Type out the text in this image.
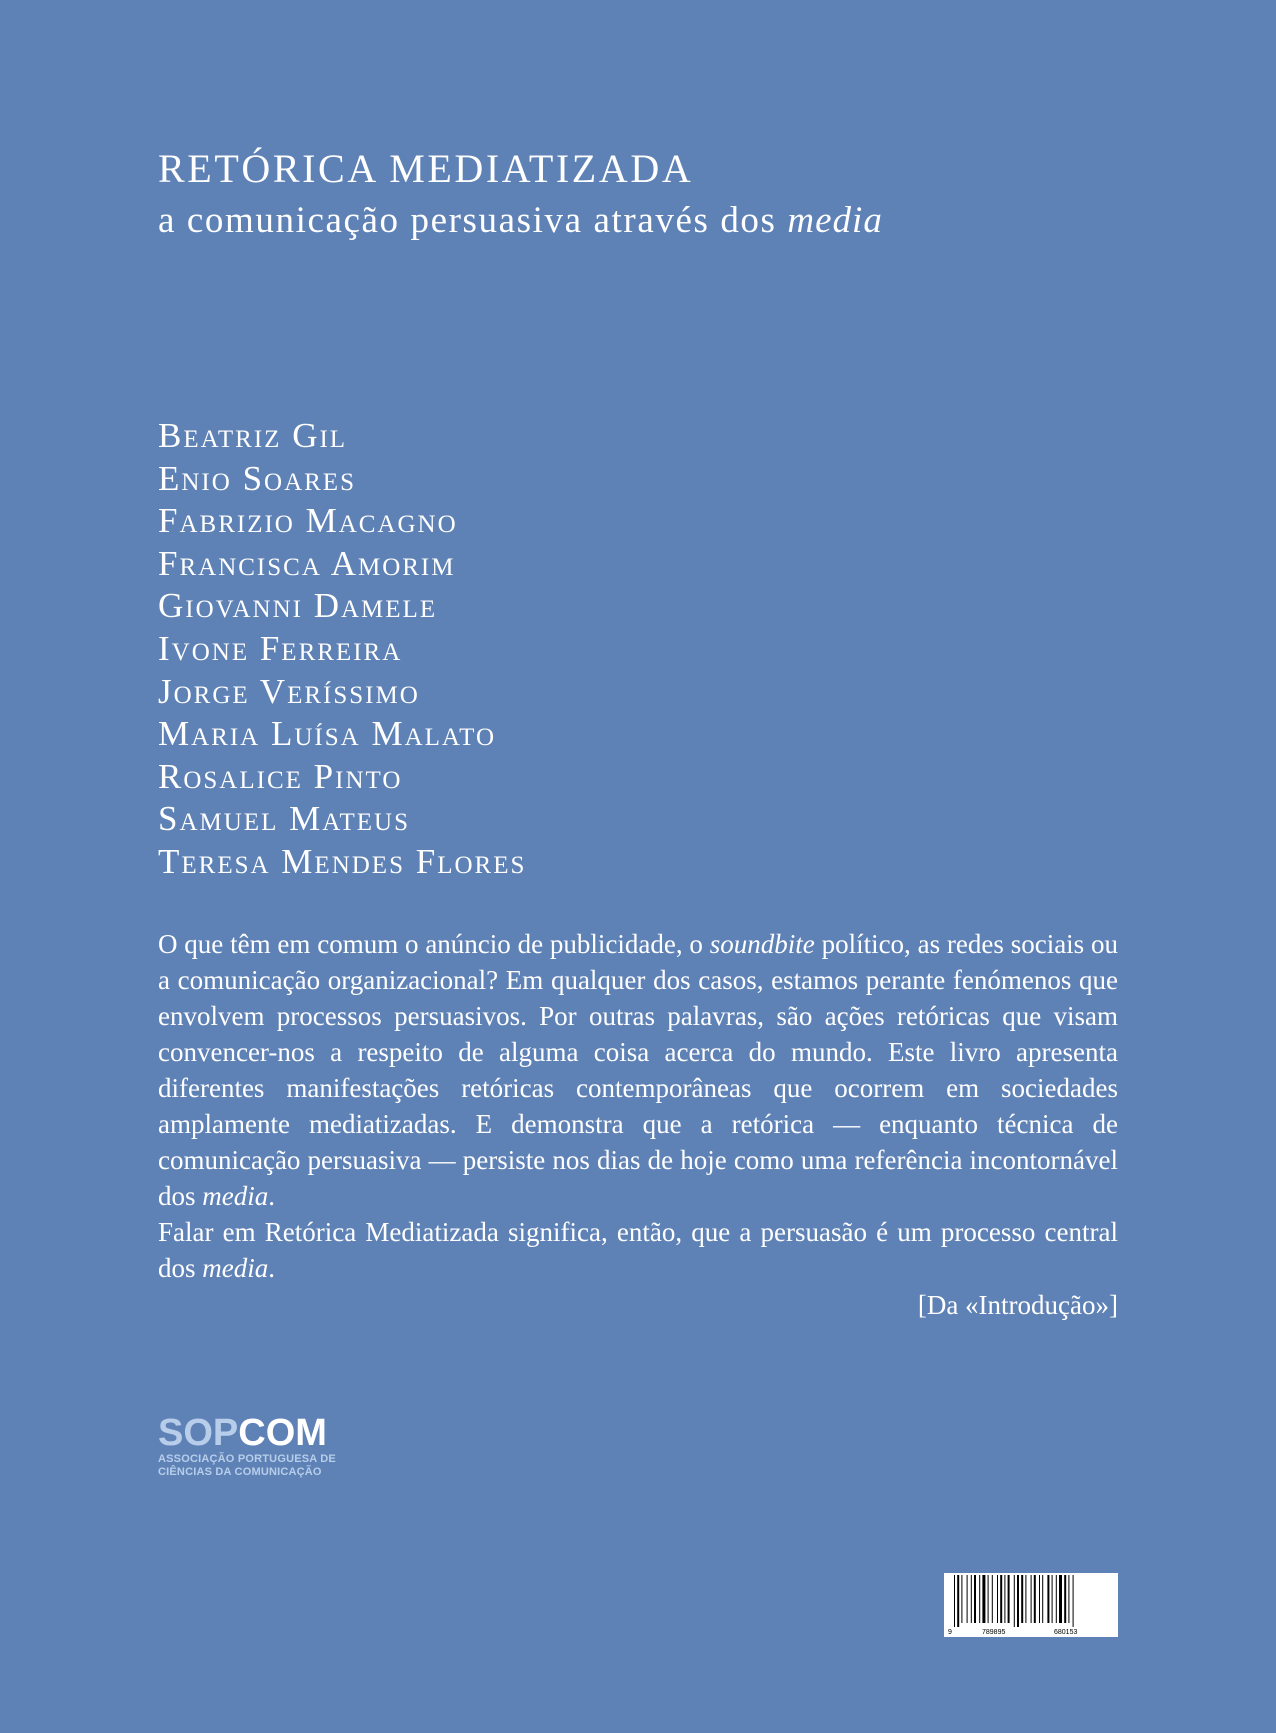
RETÓRICA MEDIATIZADA
a comunicação persuasiva através dos media
Beatriz Gil
Enio Soares
Fabrizio Macagno
Francisca Amorim
Giovanni Damele
Ivone Ferreira
Jorge Veríssimo
Maria Luísa Malato
Rosalice Pinto
Samuel Mateus
Teresa Mendes Flores

O que têm em comum o anúncio de publicidade, o soundbite político, as redes sociais ou a comunicação organizacional? Em qualquer dos casos, estamos perante fenómenos que envolvem processos persuasivos. Por outras palavras, são ações retóricas que visam convencer-nos a respeito de alguma coisa acerca do mundo. Este livro apresenta diferentes manifestações retóricas contemporâneas que ocorrem em sociedades amplamente mediatizadas. E demonstra que a retórica — enquanto técnica de comunicação persuasiva — persiste nos dias de hoje como uma referência incontornável dos media.

Falar em Retórica Mediatizada significa, então, que a persuasão é um processo central dos media.

[Da «Introdução»]
SOPCOM
ASSOCIAÇÃO PORTUGUESA DE
CIÊNCIAS DA COMUNICAÇÃO
9	789895	680153
